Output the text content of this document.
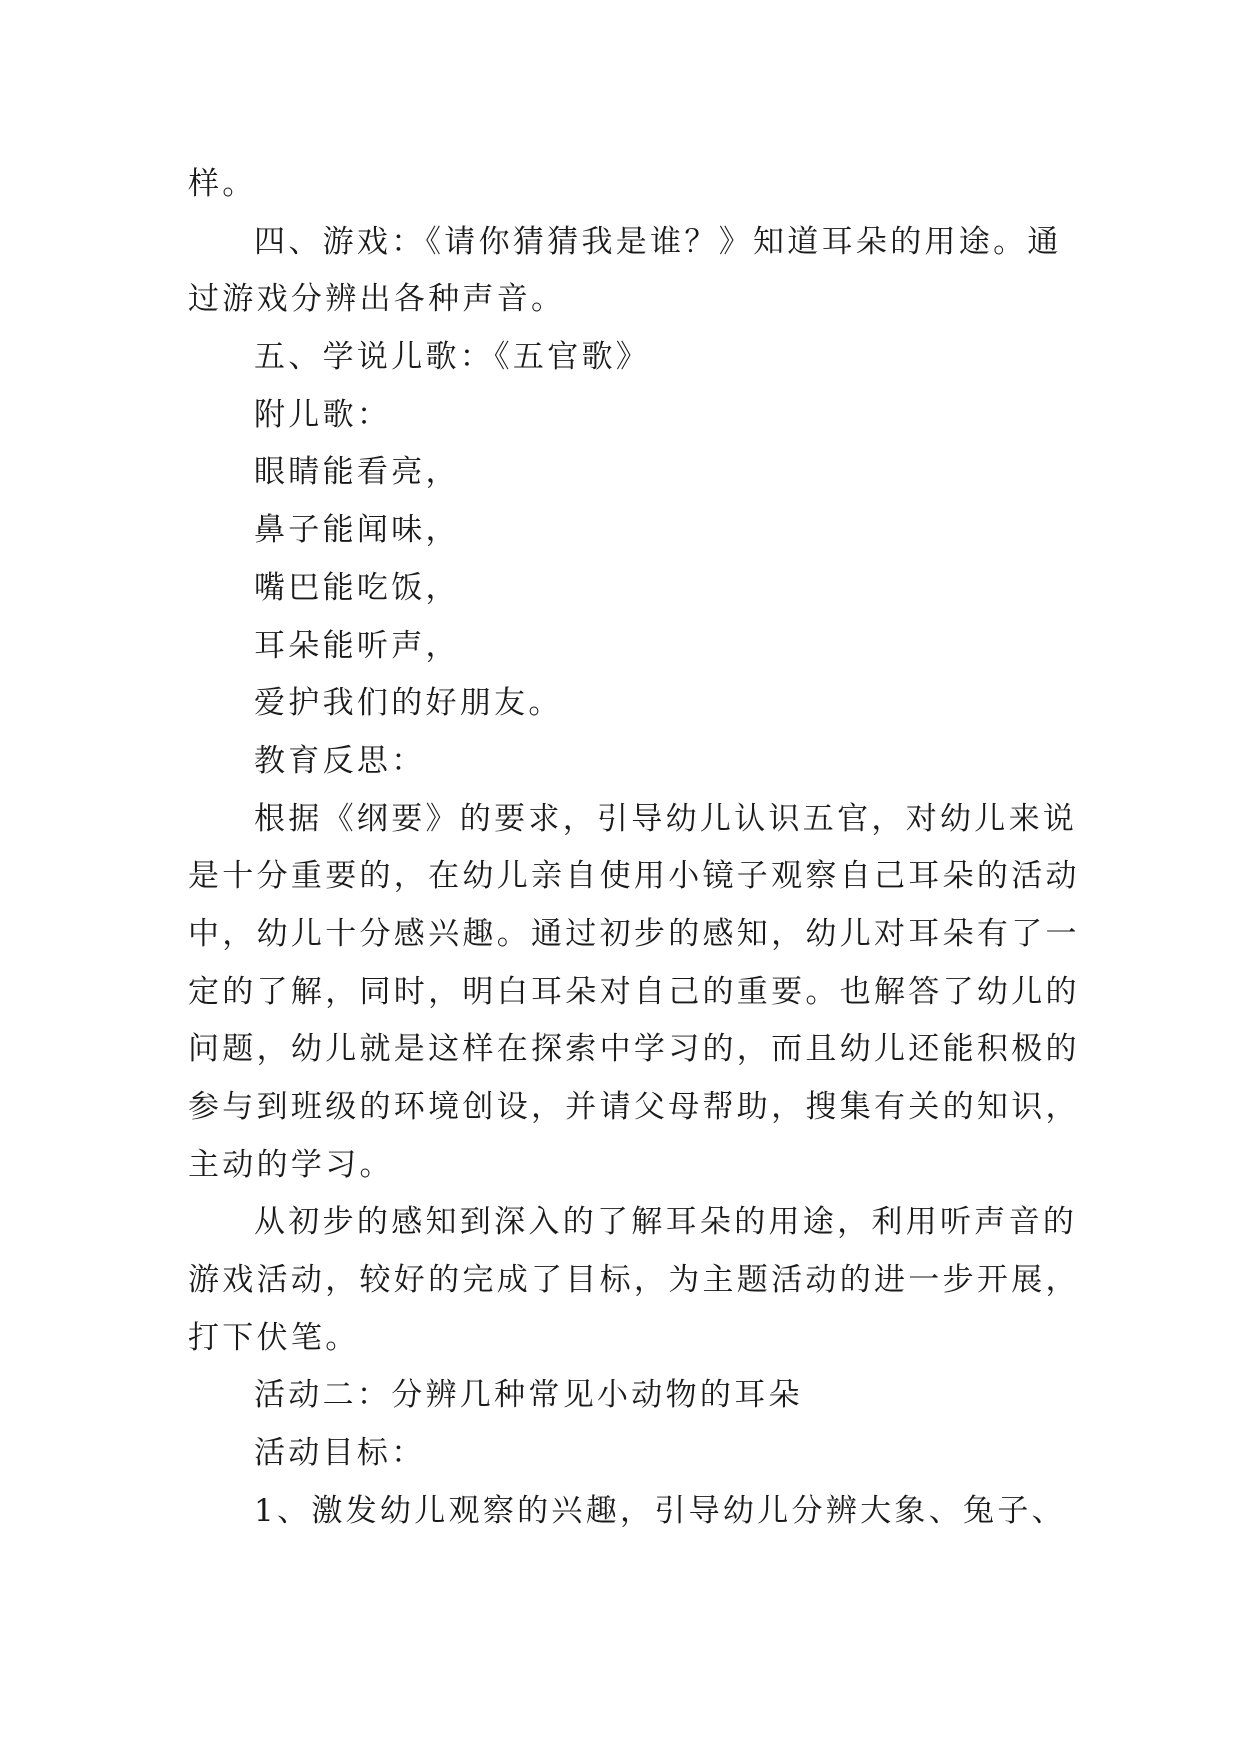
样。
四、游戏：《请你猜猜我是谁？》知道耳朵的用途。通
过游戏分辨出各种声音。
五、学说儿歌：《五官歌》
附儿歌：
眼睛能看亮，
鼻子能闻味，
嘴巴能吃饭，
耳朵能听声，
爱护我们的好朋友。
教育反思：
根据《纲要》的要求，引导幼儿认识五官，对幼儿来说
是十分重要的，在幼儿亲自使用小镜子观察自己耳朵的活动
中，幼儿十分感兴趣。通过初步的感知，幼儿对耳朵有了一
定的了解，同时，明白耳朵对自己的重要。也解答了幼儿的
问题，幼儿就是这样在探索中学习的，而且幼儿还能积极的
参与到班级的环境创设，并请父母帮助，搜集有关的知识，
主动的学习。
从初步的感知到深入的了解耳朵的用途，利用听声音的
游戏活动，较好的完成了目标，为主题活动的进一步开展，
打下伏笔。
活动二：分辨几种常见小动物的耳朵
活动目标：
1、激发幼儿观察的兴趣，引导幼儿分辨大象、兔子、
